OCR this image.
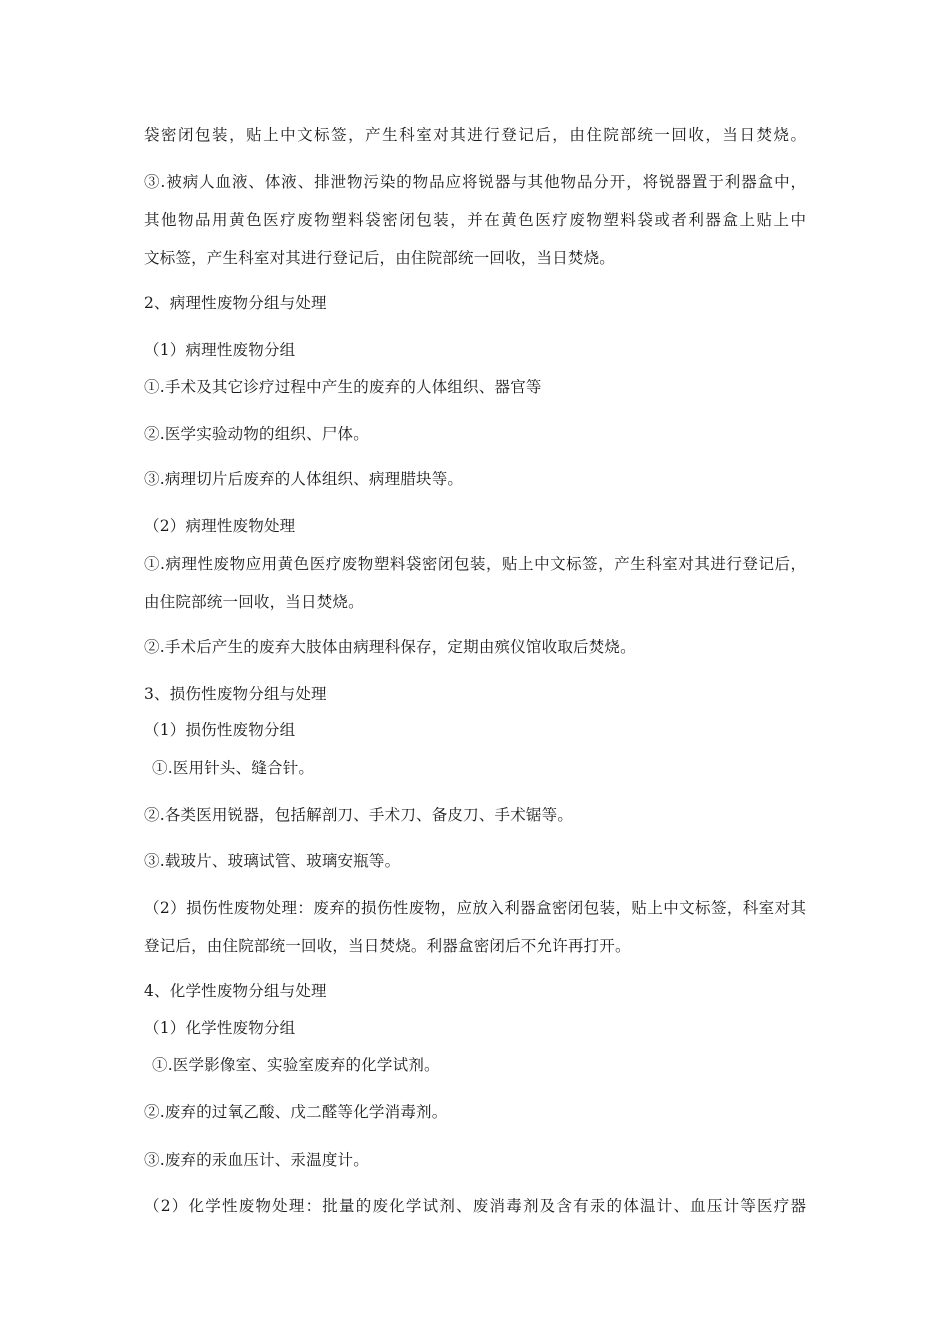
袋密闭包装，贴上中文标签，产生科室对其进行登记后，由住院部统一回收，当日焚烧。
③.被病人血液、体液、排泄物污染的物品应将锐器与其他物品分开，将锐器置于利器盒中，
其他物品用黄色医疗废物塑料袋密闭包装，并在黄色医疗废物塑料袋或者利器盒上贴上中
文标签，产生科室对其进行登记后，由住院部统一回收，当日焚烧。
2、病理性废物分组与处理
（1）病理性废物分组
①.手术及其它诊疗过程中产生的废弃的人体组织、器官等
②.医学实验动物的组织、尸体。
③.病理切片后废弃的人体组织、病理腊块等。
（2）病理性废物处理
①.病理性废物应用黄色医疗废物塑料袋密闭包装，贴上中文标签，产生科室对其进行登记后，
由住院部统一回收，当日焚烧。
②.手术后产生的废弃大肢体由病理科保存，定期由殡仪馆收取后焚烧。
3、损伤性废物分组与处理
（1）损伤性废物分组
①.医用针头、缝合针。
②.各类医用锐器，包括解剖刀、手术刀、备皮刀、手术锯等。
③.载玻片、玻璃试管、玻璃安瓶等。
（2）损伤性废物处理：废弃的损伤性废物，应放入利器盒密闭包装，贴上中文标签，科室对其
登记后，由住院部统一回收，当日焚烧。利器盒密闭后不允许再打开。
4、化学性废物分组与处理
（1）化学性废物分组
①.医学影像室、实验室废弃的化学试剂。
②.废弃的过氧乙酸、戊二醛等化学消毒剂。
③.废弃的汞血压计、汞温度计。
（2）化学性废物处理：批量的废化学试剂、废消毒剂及含有汞的体温计、血压计等医疗器
